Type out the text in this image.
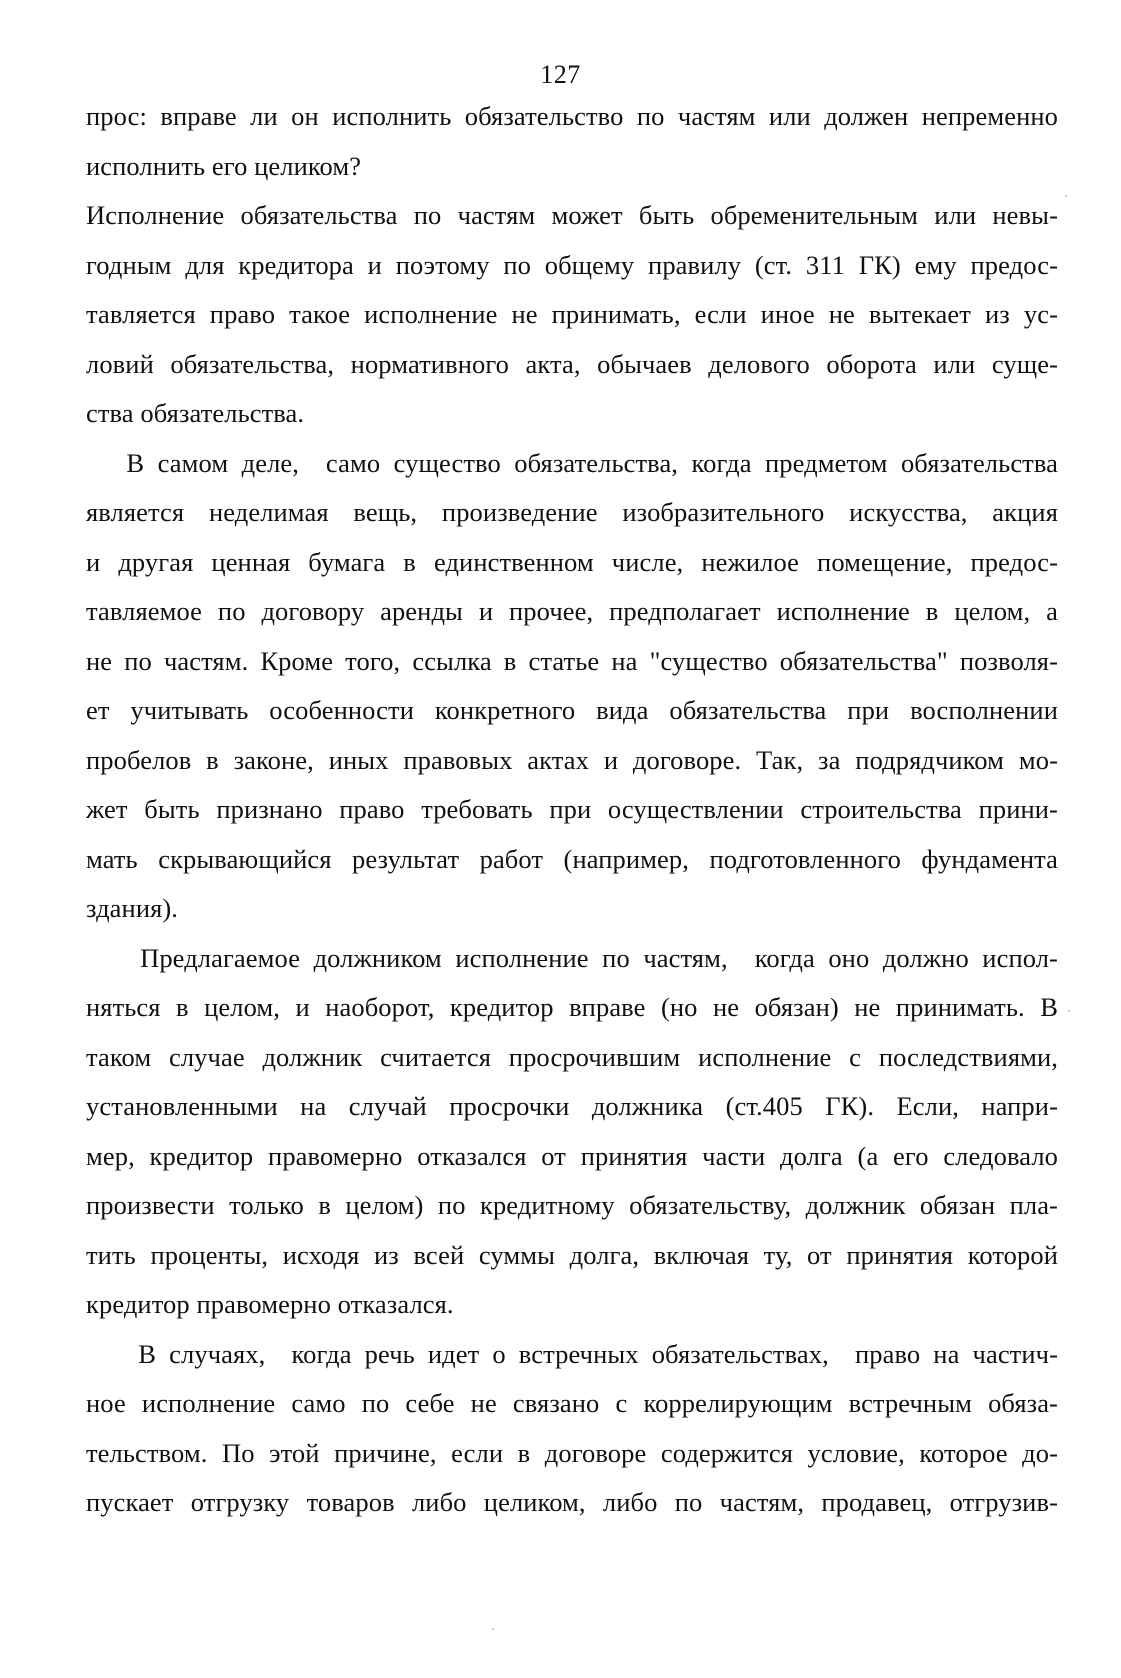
127
прос: вправе ли он исполнить обязательство по частям или должен непременно
исполнить его целиком?
Исполнение обязательства по частям может быть обременительным или невы-
годным для кредитора и поэтому по общему правилу (ст. 311 ГК) ему предос-
тавляется право такое исполнение не принимать, если иное не вытекает из ус-
ловий обязательства, нормативного акта, обычаев делового оборота или суще-
ства обязательства.
В самом деле,  само существо обязательства, когда предметом обязательства
является неделимая вещь, произведение изобразительного искусства, акция
и другая ценная бумага в единственном числе, нежилое помещение, предос-
тавляемое по договору аренды и прочее, предполагает исполнение в целом, а
не по частям. Кроме того, ссылка в статье на "существо обязательства" позволя-
ет учитывать особенности конкретного вида обязательства при восполнении
пробелов в законе, иных правовых актах и договоре. Так, за подрядчиком мо-
жет быть признано право требовать при осуществлении строительства прини-
мать скрывающийся результат работ (например, подготовленного фундамента
здания).
Предлагаемое должником исполнение по частям,  когда оно должно испол-
няться в целом, и наоборот, кредитор вправе (но не обязан) не принимать. В
таком случае должник считается просрочившим исполнение с последствиями,
установленными на случай просрочки должника (ст.405 ГК). Если, напри-
мер, кредитор правомерно отказался от принятия части долга (а его следовало
произвести только в целом) по кредитному обязательству, должник обязан пла-
тить проценты, исходя из всей суммы долга, включая ту, от принятия которой
кредитор правомерно отказался.
В случаях,  когда речь идет о встречных обязательствах,  право на частич-
ное исполнение само по себе не связано с коррелирующим встречным обяза-
тельством. По этой причине, если в договоре содержится условие, которое до-
пускает отгрузку товаров либо целиком, либо по частям, продавец, отгрузив-
